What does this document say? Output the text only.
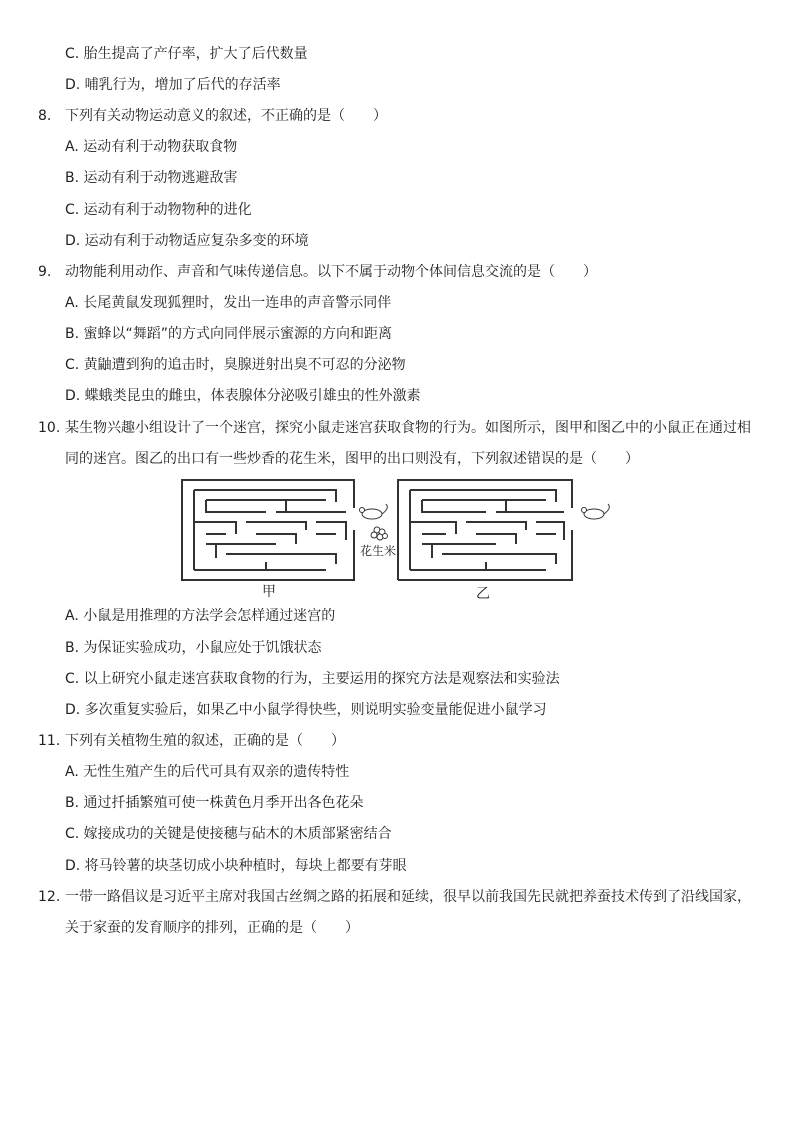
C. 胎生提高了产仔率，扩大了后代数量
D. 哺乳行为，增加了后代的存活率
8. 下列有关动物运动意义的叙述，不正确的是（　　）
A. 运动有利于动物获取食物
B. 运动有利于动物逃避敌害
C. 运动有利于动物物种的进化
D. 运动有利于动物适应复杂多变的环境
9. 动物能利用动作、声音和气味传递信息。以下不属于动物个体间信息交流的是（　　）
A. 长尾黄鼠发现狐狸时，发出一连串的声音警示同伴
B. 蜜蜂以“舞蹈”的方式向同伴展示蜜源的方向和距离
C. 黄鼬遭到狗的追击时，臭腺迸射出臭不可忍的分泌物
D. 蝶蛾类昆虫的雌虫，体表腺体分泌吸引雄虫的性外激素
10. 某生物兴趣小组设计了一个迷宫，探究小鼠走迷宫获取食物的行为。如图所示，图甲和图乙中的小鼠正在通过相
同的迷宫。图乙的出口有一些炒香的花生米，图甲的出口则没有，下列叙述错误的是（　　）
甲	乙
花生米
A. 小鼠是用推理的方法学会怎样通过迷宫的
B. 为保证实验成功，小鼠应处于饥饿状态
C. 以上研究小鼠走迷宫获取食物的行为，主要运用的探究方法是观察法和实验法
D. 多次重复实验后，如果乙中小鼠学得快些，则说明实验变量能促进小鼠学习
11. 下列有关植物生殖的叙述，正确的是（　　）
A. 无性生殖产生的后代可具有双亲的遗传特性
B. 通过扦插繁殖可使一株黄色月季开出各色花朵
C. 嫁接成功的关键是使接穗与砧木的木质部紧密结合
D. 将马铃薯的块茎切成小块种植时，每块上都要有芽眼
12. 一带一路倡议是习近平主席对我国古丝绸之路的拓展和延续，很早以前我国先民就把养蚕技术传到了沿线国家，
关于家蚕的发育顺序的排列，正确的是（　　）
